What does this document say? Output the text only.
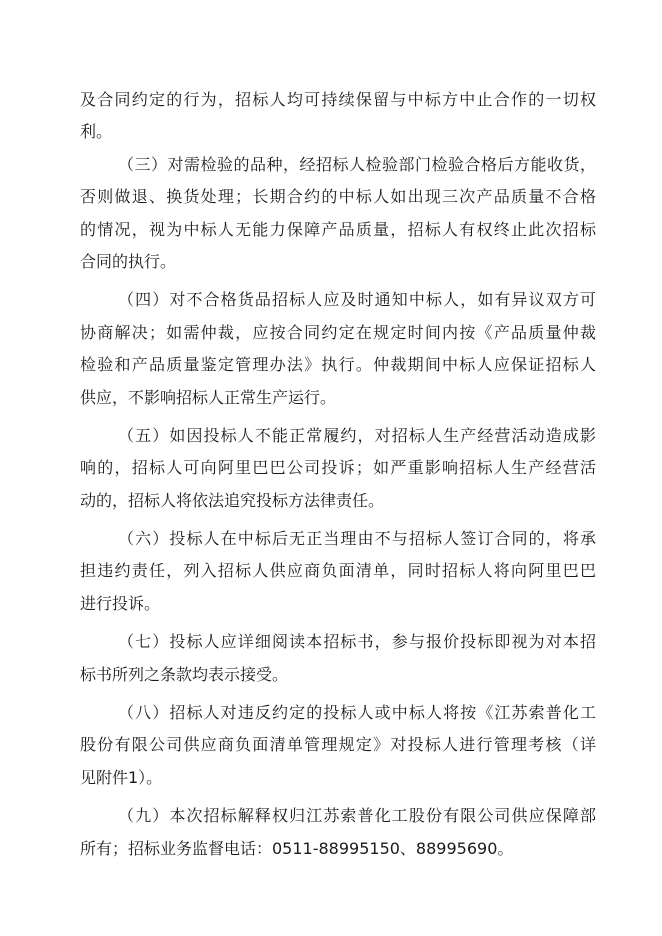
及合同约定的行为，招标人均可持续保留与中标方中止合作的一切权
利。
（三）对需检验的品种，经招标人检验部门检验合格后方能收货，
否则做退、换货处理；长期合约的中标人如出现三次产品质量不合格
的情况，视为中标人无能力保障产品质量，招标人有权终止此次招标
合同的执行。
（四）对不合格货品招标人应及时通知中标人，如有异议双方可
协商解决；如需仲裁，应按合同约定在规定时间内按《产品质量仲裁
检验和产品质量鉴定管理办法》执行。仲裁期间中标人应保证招标人
供应，不影响招标人正常生产运行。
（五）如因投标人不能正常履约，对招标人生产经营活动造成影
响的，招标人可向阿里巴巴公司投诉；如严重影响招标人生产经营活
动的，招标人将依法追究投标方法律责任。
（六）投标人在中标后无正当理由不与招标人签订合同的，将承
担违约责任，列入招标人供应商负面清单，同时招标人将向阿里巴巴
进行投诉。
（七）投标人应详细阅读本招标书，参与报价投标即视为对本招
标书所列之条款均表示接受。
（八）招标人对违反约定的投标人或中标人将按《江苏索普化工
股份有限公司供应商负面清单管理规定》对投标人进行管理考核（详
见附件1）。
（九）本次招标解释权归江苏索普化工股份有限公司供应保障部
所有；招标业务监督电话：0511-88995150、88995690。
